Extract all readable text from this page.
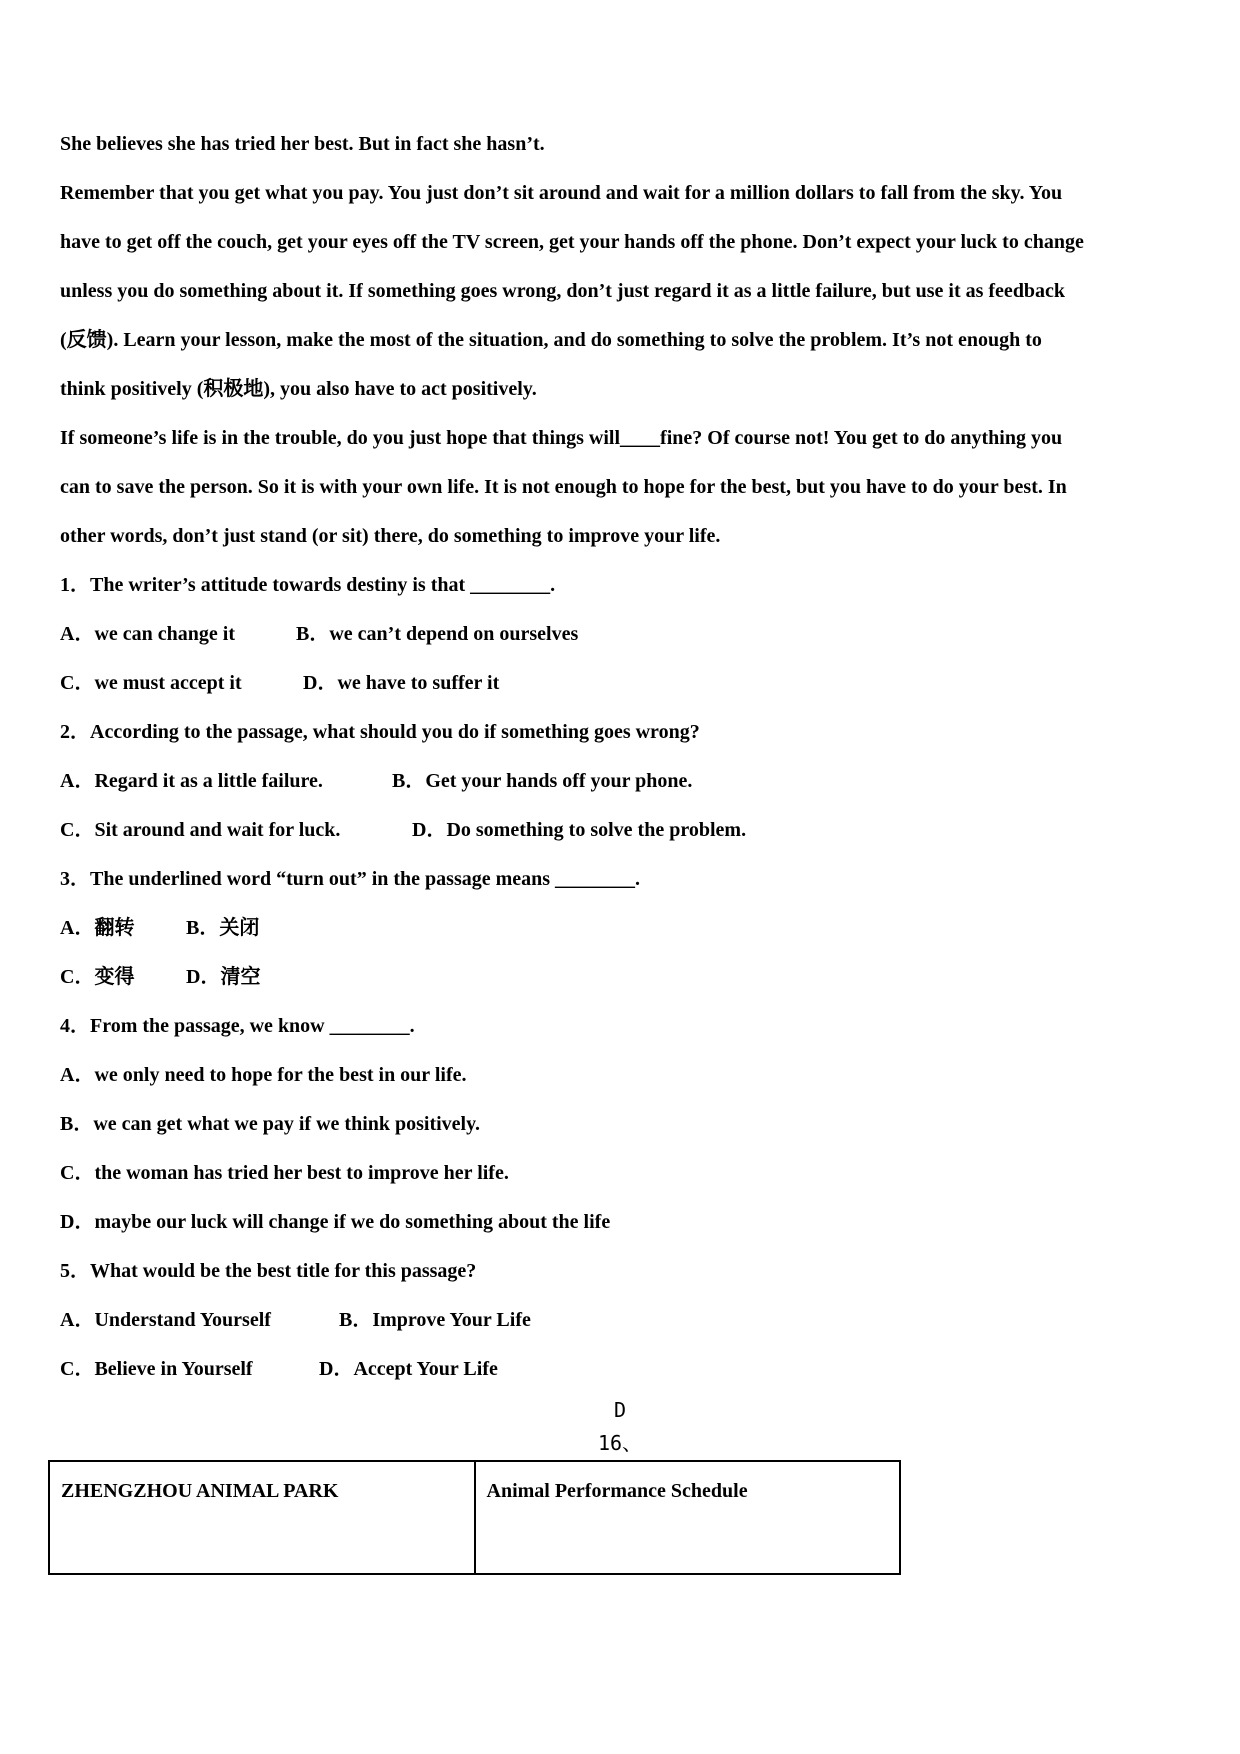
She believes she has tried her best. But in fact she hasn’t.
Remember that you get what you pay. You just don’t sit around and wait for a million dollars to fall from the sky. You
have to get off the couch, get your eyes off the TV screen, get your hands off the phone. Don’t expect your luck to change
unless you do something about it. If something goes wrong, don’t just regard it as a little failure, but use it as feedback
(反馈). Learn your lesson, make the most of the situation, and do something to solve the problem. It’s not enough to
think positively (积极地), you also have to act positively.
If someone’s life is in the trouble, do you just hope that things will____fine? Of course not! You get to do anything you
can to save the person. So it is with your own life. It is not enough to hope for the best, but you have to do your best. In
other words, don’t just stand (or sit) there, do something to improve your life.
1．The writer’s attitude towards destiny is that ________.
A．we can change it	B．we can’t depend on ourselves
C．we must accept it	D．we have to suffer it
2．According to the passage, what should you do if something goes wrong?
A．Regard it as a little failure.	B．Get your hands off your phone.
C．Sit around and wait for luck.	D．Do something to solve the problem.
3．The underlined word “turn out” in the passage means ________.
A．翻转	B．关闭
C．变得	D．清空
4．From the passage, we know ________.
A．we only need to hope for the best in our life.
B．we can get what we pay if we think positively.
C．the woman has tried her best to improve her life.
D．maybe our luck will change if we do something about the life
5．What would be the best title for this passage?
A．Understand Yourself	B．Improve Your Life
C．Believe in Yourself	D．Accept Your Life
D
16、
ZHENGZHOU ANIMAL PARK	Animal Performance Schedule
